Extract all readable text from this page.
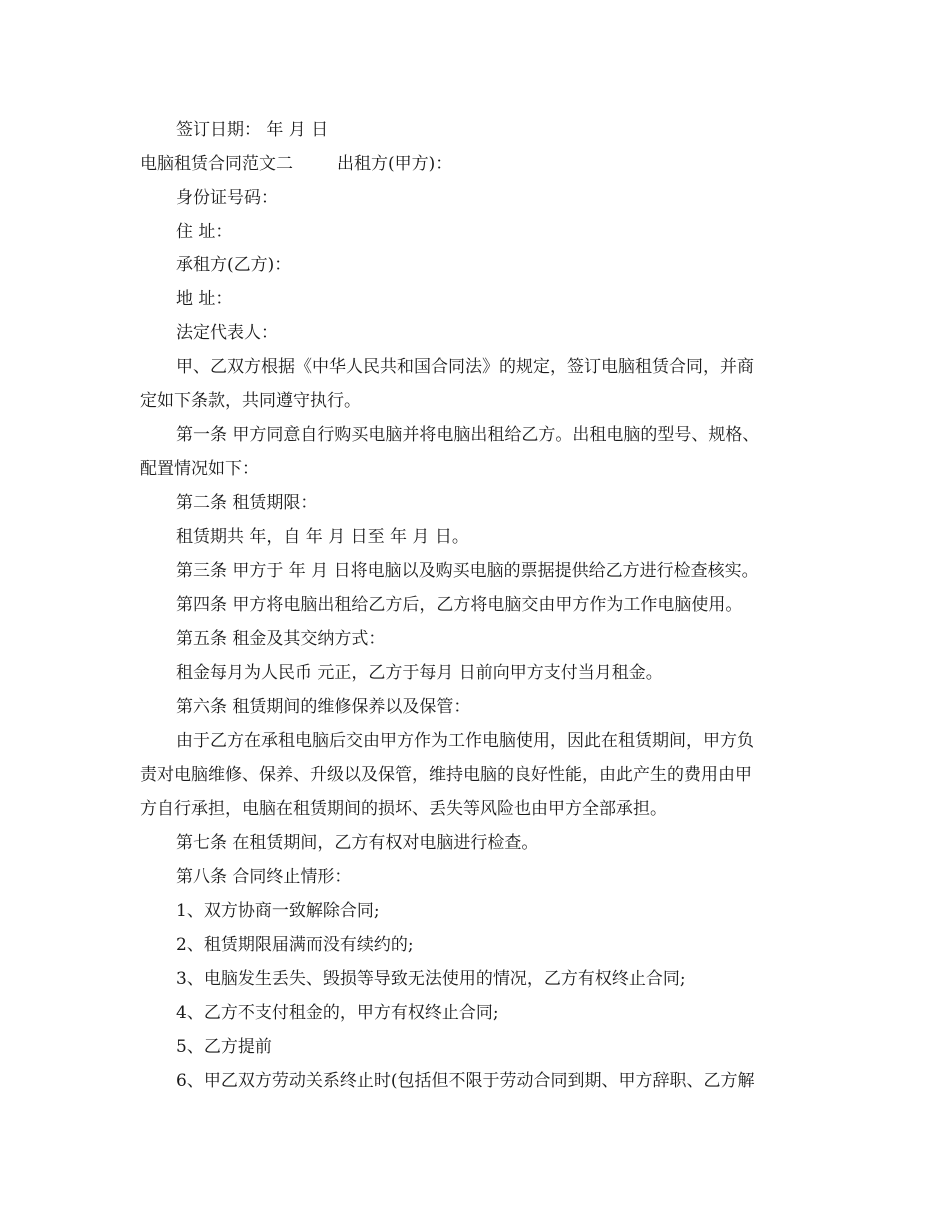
签订日期： 年 月 日
电脑租赁合同范文二	出租方(甲方)：
身份证号码：
住 址：
承租方(乙方)：
地 址：
法定代表人：
甲、乙双方根据《中华人民共和国合同法》的规定，签订电脑租赁合同，并商
定如下条款，共同遵守执行。
第一条 甲方同意自行购买电脑并将电脑出租给乙方。出租电脑的型号、规格、
配置情况如下：
第二条 租赁期限：
租赁期共 年，自 年 月 日至 年 月 日。
第三条 甲方于 年 月 日将电脑以及购买电脑的票据提供给乙方进行检查核实。
第四条 甲方将电脑出租给乙方后，乙方将电脑交由甲方作为工作电脑使用。
第五条 租金及其交纳方式：
租金每月为人民币 元正，乙方于每月 日前向甲方支付当月租金。
第六条 租赁期间的维修保养以及保管：
由于乙方在承租电脑后交由甲方作为工作电脑使用，因此在租赁期间，甲方负
责对电脑维修、保养、升级以及保管，维持电脑的良好性能，由此产生的费用由甲
方自行承担，电脑在租赁期间的损坏、丢失等风险也由甲方全部承担。
第七条 在租赁期间，乙方有权对电脑进行检查。
第八条 合同终止情形：
1、双方协商一致解除合同;
2、租赁期限届满而没有续约的;
3、电脑发生丢失、毁损等导致无法使用的情况，乙方有权终止合同;
4、乙方不支付租金的，甲方有权终止合同;
5、乙方提前
6、甲乙双方劳动关系终止时(包括但不限于劳动合同到期、甲方辞职、乙方解
